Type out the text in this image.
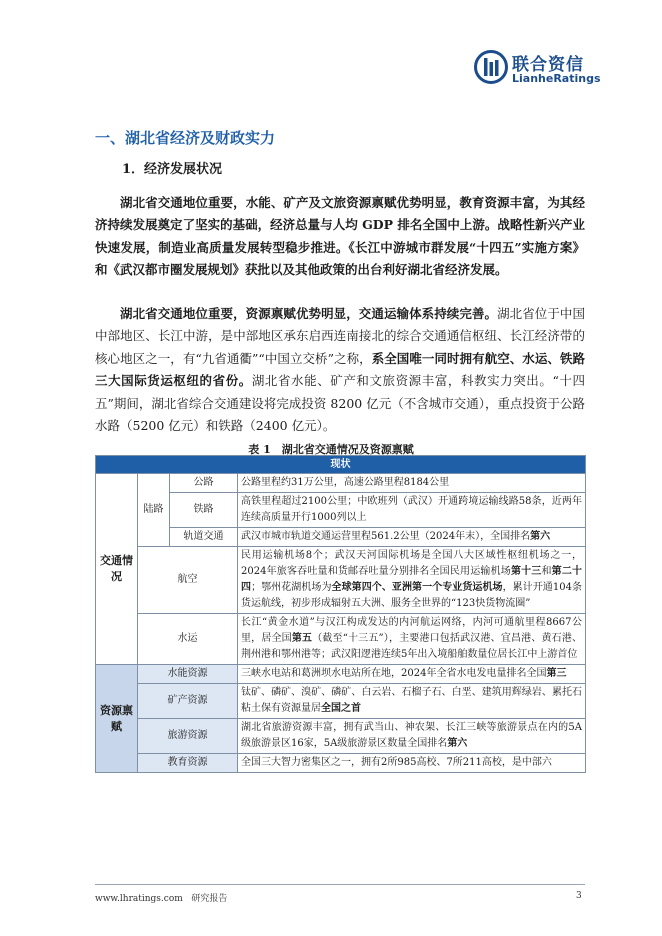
联合资信
LianheRatings
一、湖北省经济及财政实力
1．经济发展状况

湖北省交通地位重要，水能、矿产及文旅资源禀赋优势明显，教育资源丰富，为其经济持续发展奠定了坚实的基础，经济总量与人均 GDP 排名全国中上游。战略性新兴产业快速发展，制造业高质量发展转型稳步推进。《长江中游城市群发展“十四五”实施方案》和《武汉都市圈发展规划》获批以及其他政策的出台利好湖北省经济发展。

湖北省交通地位重要，资源禀赋优势明显，交通运输体系持续完善。湖北省位于中国中部地区、长江中游，是中部地区承东启西连南接北的综合交通通信枢纽、长江经济带的核心地区之一，有“九省通衢”“中国立交桥”之称，系全国唯一同时拥有航空、水运、铁路三大国际货运枢纽的省份。湖北省水能、矿产和文旅资源丰富，科教实力突出。“十四五”期间，湖北省综合交通建设将完成投资 8200 亿元（不含城市交通），重点投资于公路水路（5200 亿元）和铁路（2400 亿元）。

表 1　湖北省交通情况及资源禀赋
现状			
交通情况	陆路	公路	公路里程约31万公里，高速公路里程8184公里
		铁路	高铁里程超过2100公里；中欧班列（武汉）开通跨境运输线路58条，近两年连续高质量开行1000列以上
		轨道交通	武汉市城市轨道交通运营里程561.2公里（2024年末），全国排名第六
	航空		民用运输机场8个；武汉天河国际机场是全国八大区域性枢纽机场之一，2024年旅客吞吐量和货邮吞吐量分别排名全国民用运输机场第十三和第二十四；鄂州花湖机场为全球第四个、亚洲第一个专业货运机场，累计开通104条货运航线，初步形成辐射五大洲、服务全世界的“123快货物流圈”
	水运		长江“黄金水道”与汉江构成发达的内河航运网络，内河可通航里程8667公里，居全国第五（截至“十三五”），主要港口包括武汉港、宜昌港、黄石港、荆州港和鄂州港等；武汉阳逻港连续5年出入境船舶数量位居长江中上游首位
资源禀赋	水能资源		三峡水电站和葛洲坝水电站所在地，2024年全省水电发电量排名全国第三
	矿产资源		钛矿、磷矿、溴矿、磷矿、白云岩、石榴子石、白垩、建筑用辉绿岩、累托石粘土保有资源量居全国之首
	旅游资源		湖北省旅游资源丰富，拥有武当山、神农架、长江三峡等旅游景点在内的5A级旅游景区16家，5A级旅游景区数量全国排名第六
	教育资源		全国三大智力密集区之一，拥有2所985高校、7所211高校，是中部六
www.lhratings.com 研究报告	3
